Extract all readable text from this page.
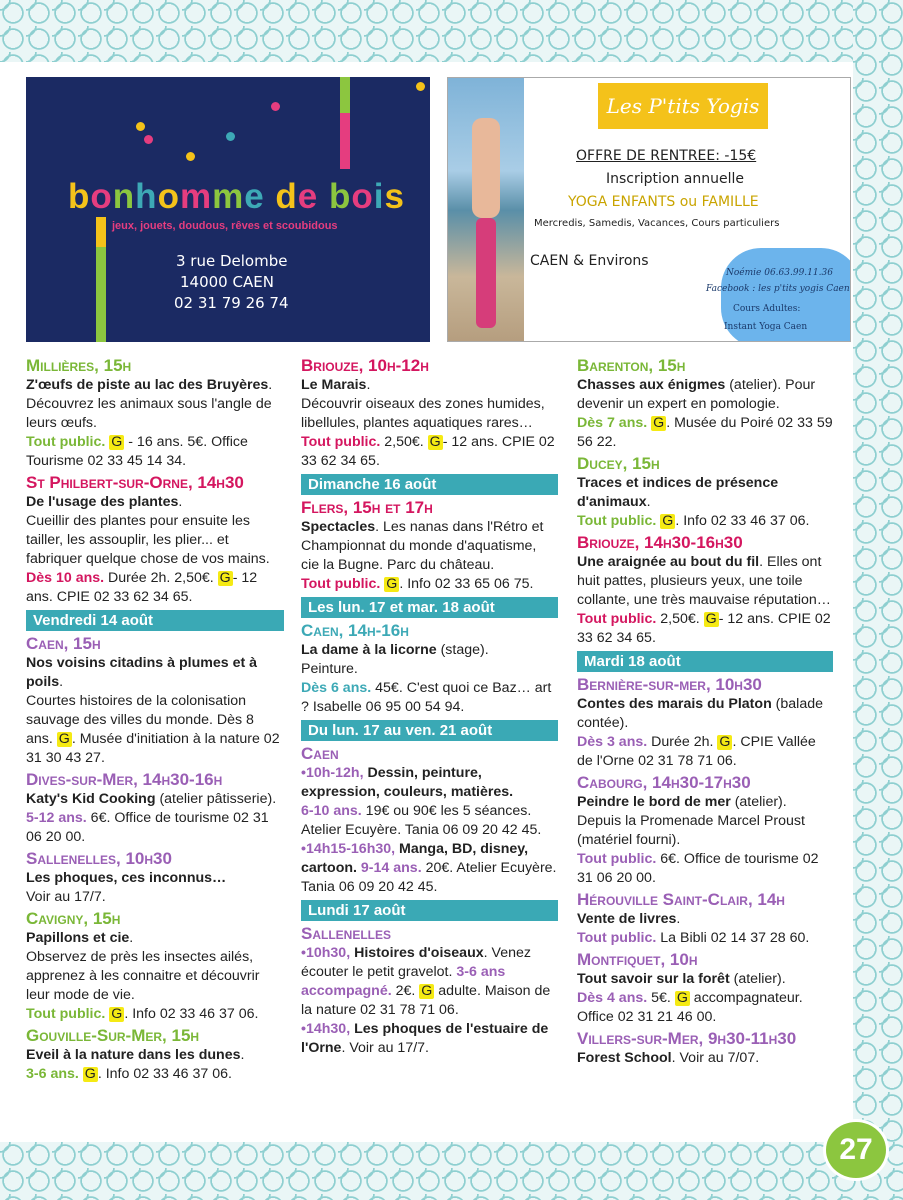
27
bonhomme de bois
jeux, jouets, doudous, rêves et scoubidous
3 rue Delombe
14000 CAEN
02 31 79 26 74
Les P'tits Yogis
OFFRE DE RENTREE: -15€
Inscription annuelle
YOGA ENFANTS ou FAMILLE
Mercredis, Samedis, Vacances, Cours particuliers
CAEN & Environs
Noémie 06.63.99.11.36
Facebook : les p'tits yogis Caen
Cours Adultes:
Instant Yoga Caen
Millières, 15h
Z'œufs de piste au lac des Bruyères.
Découvrez les animaux sous l'angle de leurs œufs.
Tout public. G - 16 ans. 5€. Office Tourisme 02 33 45 14 34.
St Philbert-sur-Orne, 14h30
De l'usage des plantes.
Cueillir des plantes pour ensuite les tailler, les assouplir, les plier... et fabriquer quelque chose de vos mains.
Dès 10 ans. Durée 2h. 2,50€. G - 12 ans. CPIE 02 33 62 34 65.
Vendredi 14 août
Caen, 15h
Nos voisins citadins à plumes et à poils.
Courtes histoires de la colonisation sauvage des villes du monde. Dès 8 ans. G . Musée d'initiation à la nature 02 31 30 43 27.
Dives-sur-Mer, 14h30-16h
Katy's Kid Cooking (atelier pâtisserie).
5-12 ans. 6€. Office de tourisme 02 31 06 20 00.
Sallenelles, 10h30
Les phoques, ces inconnus…
Voir au 17/7.
Cavigny, 15h
Papillons et cie.
Observez de près les insectes ailés, apprenez à les connaitre et découvrir leur mode de vie.
Tout public. G . Info 02 33 46 37 06.
Gouville-Sur-Mer, 15h
Eveil à la nature dans les dunes.
3-6 ans. G . Info 02 33 46 37 06.
Briouze, 10h-12h
Le Marais.
Découvrir oiseaux des zones humides, libellules, plantes aquatiques rares…
Tout public. 2,50€. G - 12 ans. CPIE 02 33 62 34 65.
Dimanche 16 août
Flers, 15h et 17h
Spectacles. Les nanas dans l'Rétro et Championnat du monde d'aquatisme, cie la Bugne. Parc du château.
Tout public. G . Info 02 33 65 06 75.
Les lun. 17 et mar. 18 août
Caen, 14h-16h
La dame à la licorne (stage).
Peinture.
Dès 6 ans. 45€. C'est quoi ce Baz… art ? Isabelle 06 95 00 54 94.
Du lun. 17 au ven. 21 août
Caen
•10h-12h, Dessin, peinture, expression, couleurs, matières.
6-10 ans. 19€ ou 90€ les 5 séances. Atelier Ecuyère. Tania 06 09 20 42 45.
•14h15-16h30, Manga, BD, disney, cartoon. 9-14 ans. 20€. Atelier Ecuyère. Tania 06 09 20 42 45.
Lundi 17 août
Sallenelles
•10h30, Histoires d'oiseaux. Venez écouter le petit gravelot. 3-6 ans accompagné. 2€. G adulte. Maison de la nature 02 31 78 71 06.
•14h30, Les phoques de l'estuaire de l'Orne. Voir au 17/7.
Barenton, 15h
Chasses aux énigmes (atelier). Pour devenir un expert en pomologie.
Dès 7 ans. G . Musée du Poiré 02 33 59 56 22.
Ducey, 15h
Traces et indices de présence d'animaux.
Tout public. G . Info 02 33 46 37 06.
Briouze, 14h30-16h30
Une araignée au bout du fil. Elles ont huit pattes, plusieurs yeux, une toile collante, une très mauvaise réputation…
Tout public. 2,50€. G - 12 ans. CPIE 02 33 62 34 65.
Mardi 18 août
Bernière-sur-mer, 10h30
Contes des marais du Platon (balade contée).
Dès 3 ans. Durée 2h. G . CPIE Vallée de l'Orne 02 31 78 71 06.
Cabourg, 14h30-17h30
Peindre le bord de mer (atelier). Depuis la Promenade Marcel Proust (matériel fourni).
Tout public. 6€. Office de tourisme 02 31 06 20 00.
Hérouville Saint-Clair, 14h
Vente de livres.
Tout public. La Bibli 02 14 37 28 60.
Montfiquet, 10h
Tout savoir sur la forêt (atelier).
Dès 4 ans. 5€. G accompagnateur. Office 02 31 21 46 00.
Villers-sur-Mer, 9h30-11h30
Forest School. Voir au 7/07.
